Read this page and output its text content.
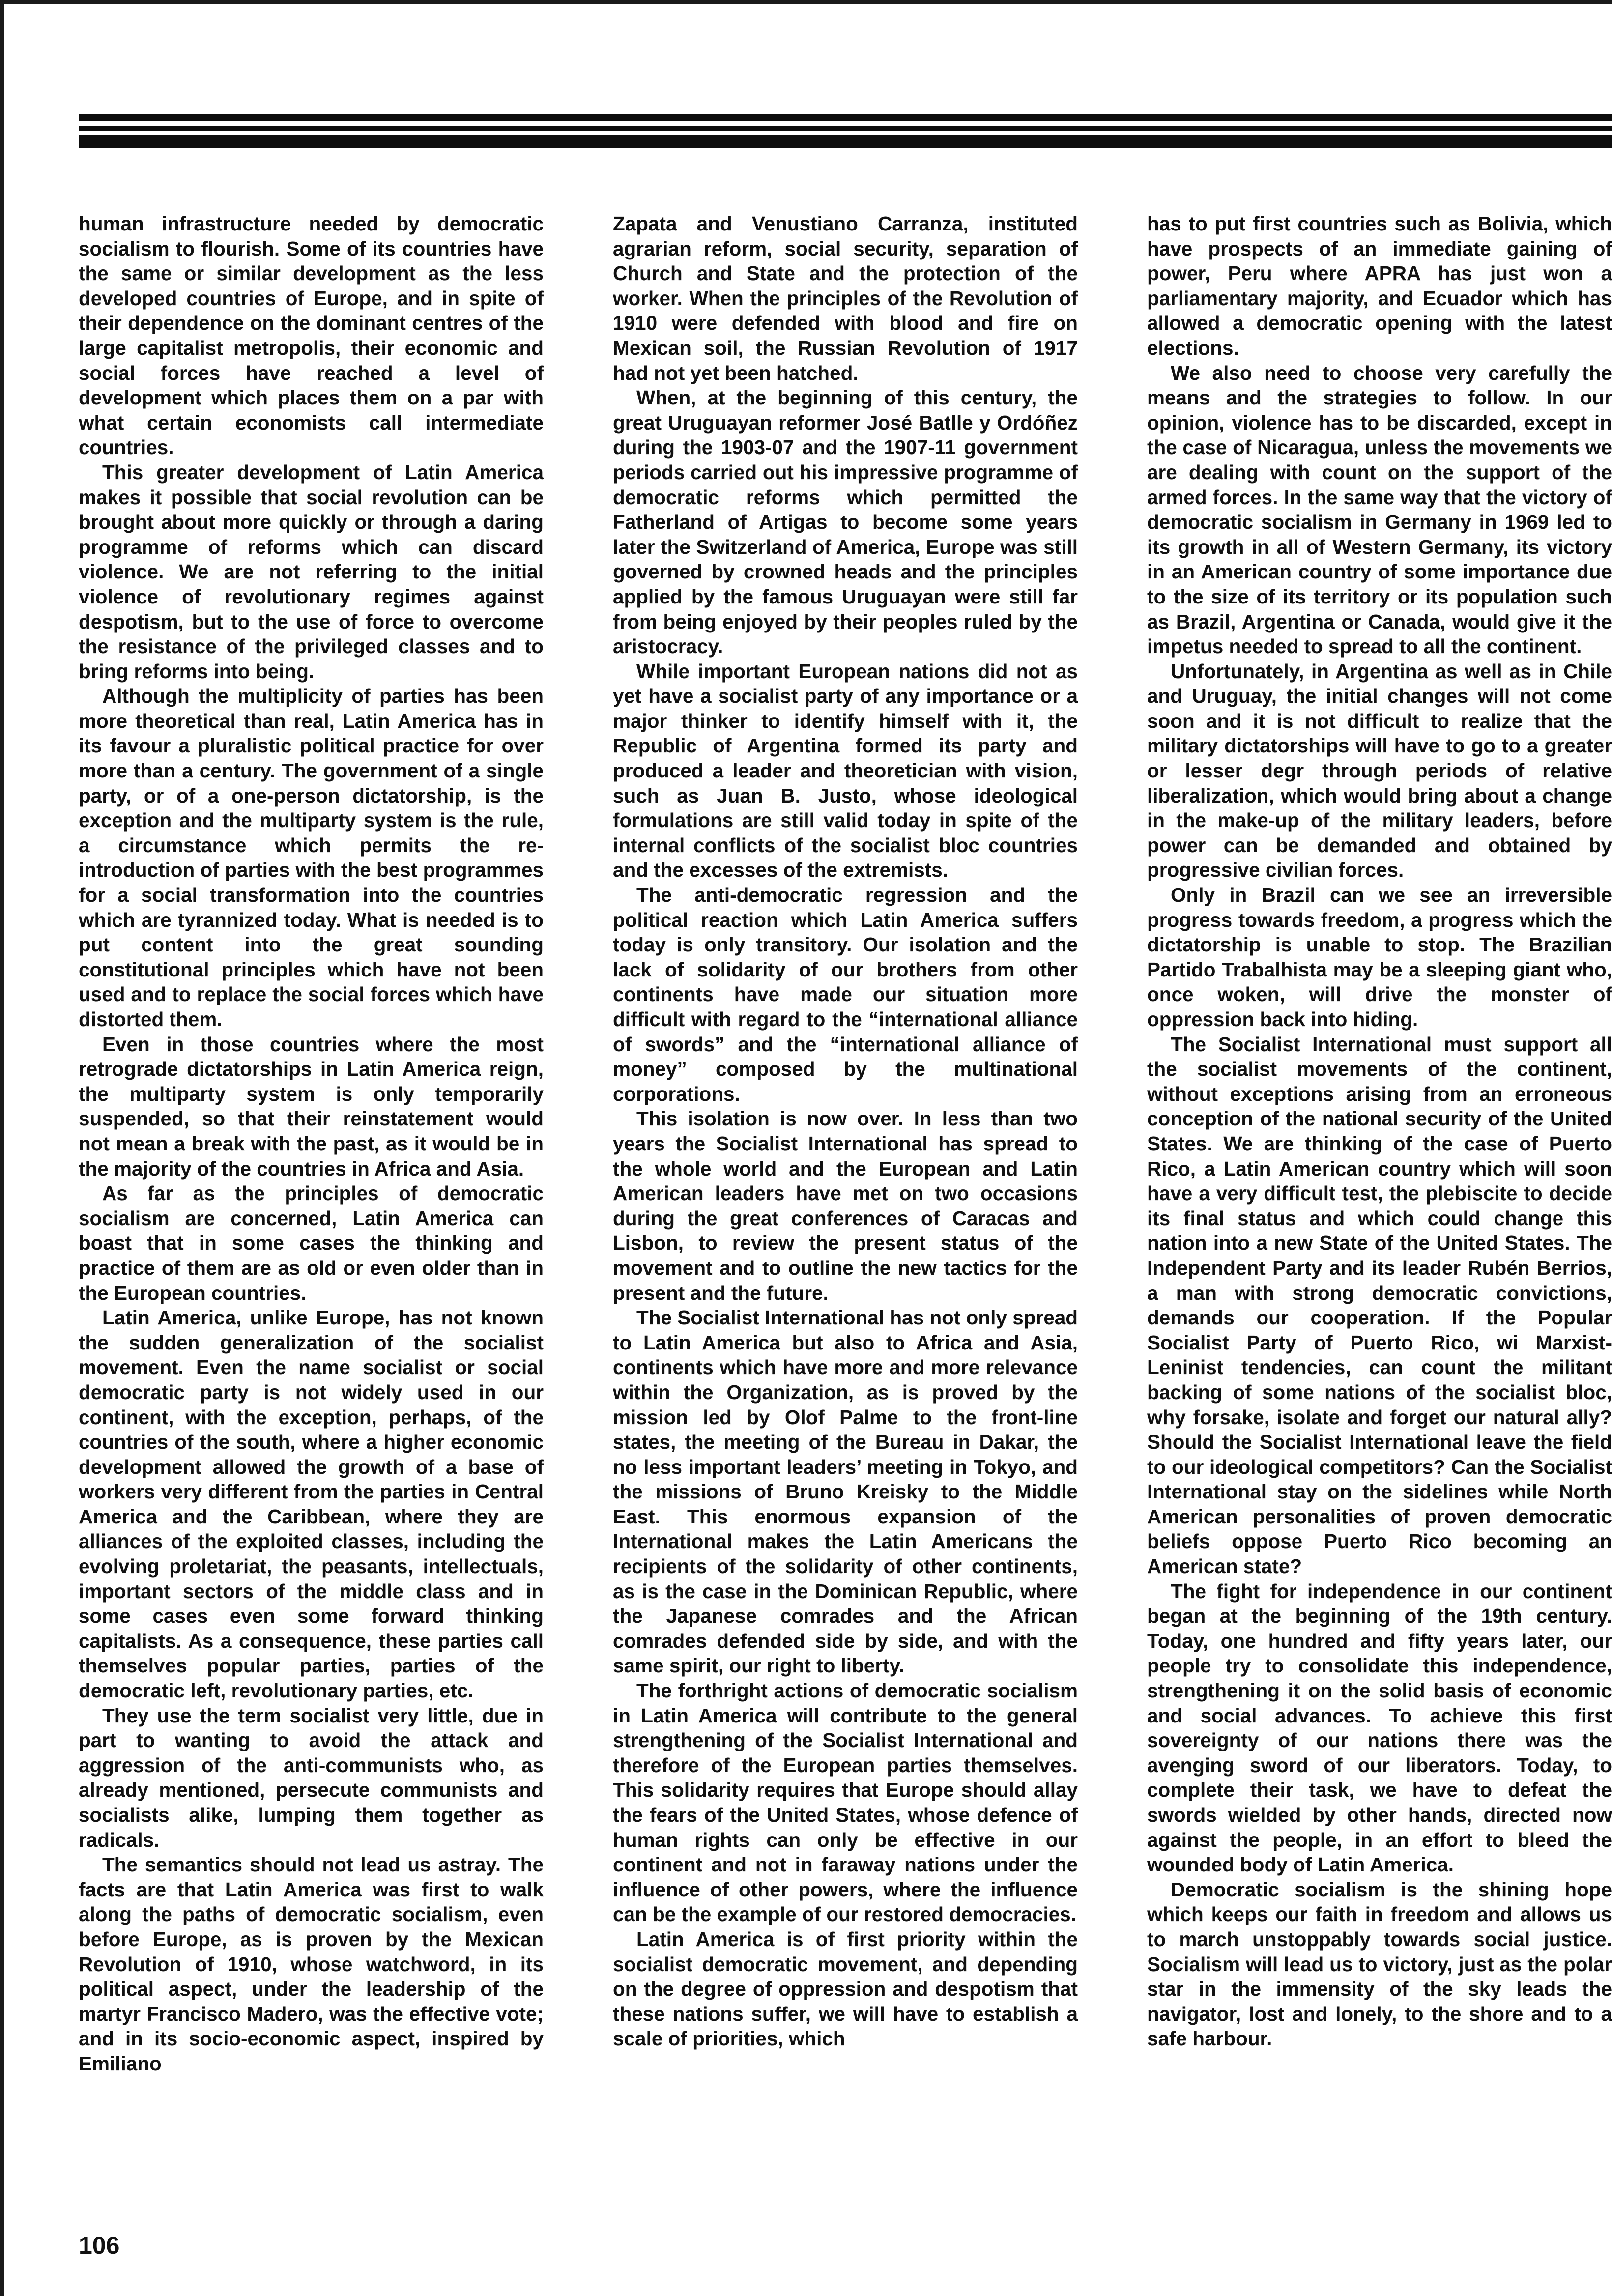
human infrastructure needed by democratic socialism to flourish. Some of its countries have the same or similar development as the less developed countries of Europe, and in spite of their dependence on the dominant centres of the large capitalist metropolis, their economic and social forces have reached a level of development which places them on a par with what certain economists call intermediate countries.

This greater development of Latin America makes it possible that social revolution can be brought about more quickly or through a daring programme of reforms which can discard violence. We are not referring to the initial violence of revolutionary regimes against despotism, but to the use of force to overcome the resistance of the privileged classes and to bring reforms into being.

Although the multiplicity of parties has been more theoretical than real, Latin America has in its favour a pluralistic political practice for over more than a century. The government of a single party, or of a one-person dictatorship, is the exception and the multiparty system is the rule, a circumstance which permits the re-introduction of parties with the best programmes for a social transformation into the countries which are tyrannized today. What is needed is to put content into the great sounding constitutional principles which have not been used and to replace the social forces which have distorted them.

Even in those countries where the most retrograde dictatorships in Latin America reign, the multiparty system is only temporarily suspended, so that their reinstatement would not mean a break with the past, as it would be in the majority of the countries in Africa and Asia.

As far as the principles of democratic socialism are concerned, Latin America can boast that in some cases the thinking and practice of them are as old or even older than in the European countries.

Latin America, unlike Europe, has not known the sudden generalization of the socialist movement. Even the name socialist or social democratic party is not widely used in our continent, with the exception, perhaps, of the countries of the south, where a higher economic development allowed the growth of a base of workers very different from the parties in Central America and the Caribbean, where they are alliances of the exploited classes, including the evolving proletariat, the peasants, intellectuals, important sectors of the middle class and in some cases even some forward thinking capitalists. As a consequence, these parties call themselves popular parties, parties of the democratic left, revolutionary parties, etc.

They use the term socialist very little, due in part to wanting to avoid the attack and aggression of the anti-communists who, as already mentioned, persecute communists and socialists alike, lumping them together as radicals.

The semantics should not lead us astray. The facts are that Latin America was first to walk along the paths of democratic socialism, even before Europe, as is proven by the Mexican Revolution of 1910, whose watchword, in its political aspect, under the leadership of the martyr Francisco Madero, was the effective vote; and in its socio-economic aspect, inspired by Emiliano

Zapata and Venustiano Carranza, instituted agrarian reform, social security, separation of Church and State and the protection of the worker. When the principles of the Revolution of 1910 were defended with blood and fire on Mexican soil, the Russian Revolution of 1917 had not yet been hatched.

When, at the beginning of this century, the great Uruguayan reformer José Batlle y Ordóñez during the 1903-07 and the 1907-11 government periods carried out his impressive programme of democratic reforms which permitted the Fatherland of Artigas to become some years later the Switzerland of America, Europe was still governed by crowned heads and the principles applied by the famous Uruguayan were still far from being enjoyed by their peoples ruled by the aristocracy.

While important European nations did not as yet have a socialist party of any importance or a major thinker to identify himself with it, the Republic of Argentina formed its party and produced a leader and theoretician with vision, such as Juan B. Justo, whose ideological formulations are still valid today in spite of the internal conflicts of the socialist bloc countries and the excesses of the extremists.

The anti-democratic regression and the political reaction which Latin America suffers today is only transitory. Our isolation and the lack of solidarity of our brothers from other continents have made our situation more difficult with regard to the “international alliance of swords” and the “international alliance of money” composed by the multinational corporations.

This isolation is now over. In less than two years the Socialist International has spread to the whole world and the European and Latin American leaders have met on two occasions during the great conferences of Caracas and Lisbon, to review the present status of the movement and to outline the new tactics for the present and the future.

The Socialist International has not only spread to Latin America but also to Africa and Asia, continents which have more and more relevance within the Organization, as is proved by the mission led by Olof Palme to the front-line states, the meeting of the Bureau in Dakar, the no less important leaders’ meeting in Tokyo, and the missions of Bruno Kreisky to the Middle East. This enormous expansion of the International makes the Latin Americans the recipients of the solidarity of other continents, as is the case in the Dominican Republic, where the Japanese comrades and the African comrades defended side by side, and with the same spirit, our right to liberty.

The forthright actions of democratic socialism in Latin America will contribute to the general strengthening of the Socialist International and therefore of the European parties themselves. This solidarity requires that Europe should allay the fears of the United States, whose defence of human rights can only be effective in our continent and not in faraway nations under the influence of other powers, where the influence can be the example of our restored democracies.

Latin America is of first priority within the socialist democratic movement, and depending on the degree of oppression and despotism that these nations suffer, we will have to establish a scale of priorities, which

has to put first countries such as Bolivia, which have prospects of an immediate gaining of power, Peru where APRA has just won a parliamentary majority, and Ecuador which has allowed a democratic opening with the latest elections.

We also need to choose very carefully the means and the strategies to follow. In our opinion, violence has to be discarded, except in the case of Nicaragua, unless the movements we are dealing with count on the support of the armed forces. In the same way that the victory of democratic socialism in Germany in 1969 led to its growth in all of Western Germany, its victory in an American country of some importance due to the size of its territory or its population such as Brazil, Argentina or Canada, would give it the impetus needed to spread to all the continent.

Unfortunately, in Argentina as well as in Chile and Uruguay, the initial changes will not come soon and it is not difficult to realize that the military dictatorships will have to go to a greater or lesser degr through periods of relative liberalization, which would bring about a change in the make-up of the military leaders, before power can be demanded and obtained by progressive civilian forces.

Only in Brazil can we see an irreversible progress towards freedom, a progress which the dictatorship is unable to stop. The Brazilian Partido Trabalhista may be a sleeping giant who, once woken, will drive the monster of oppression back into hiding.

The Socialist International must support all the socialist movements of the continent, without exceptions arising from an erroneous conception of the national security of the United States. We are thinking of the case of Puerto Rico, a Latin American country which will soon have a very difficult test, the plebiscite to decide its final status and which could change this nation into a new State of the United States. The Independent Party and its leader Rubén Berrios, a man with strong democratic convictions, demands our cooperation. If the Popular Socialist Party of Puerto Rico, wi Marxist-Leninist tendencies, can count the militant backing of some nations of the socialist bloc, why forsake, isolate and forget our natural ally? Should the Socialist International leave the field to our ideological competitors? Can the Socialist International stay on the sidelines while North American personalities of proven democratic beliefs oppose Puerto Rico becoming an American state?

The fight for independence in our continent began at the beginning of the 19th century. Today, one hundred and fifty years later, our people try to consolidate this independence, strengthening it on the solid basis of economic and social advances. To achieve this first sovereignty of our nations there was the avenging sword of our liberators. Today, to complete their task, we have to defeat the swords wielded by other hands, directed now against the people, in an effort to bleed the wounded body of Latin America.

Democratic socialism is the shining hope which keeps our faith in freedom and allows us to march unstoppably towards social justice. Socialism will lead us to victory, just as the polar star in the immensity of the sky leads the navigator, lost and lonely, to the shore and to a safe harbour.

106
